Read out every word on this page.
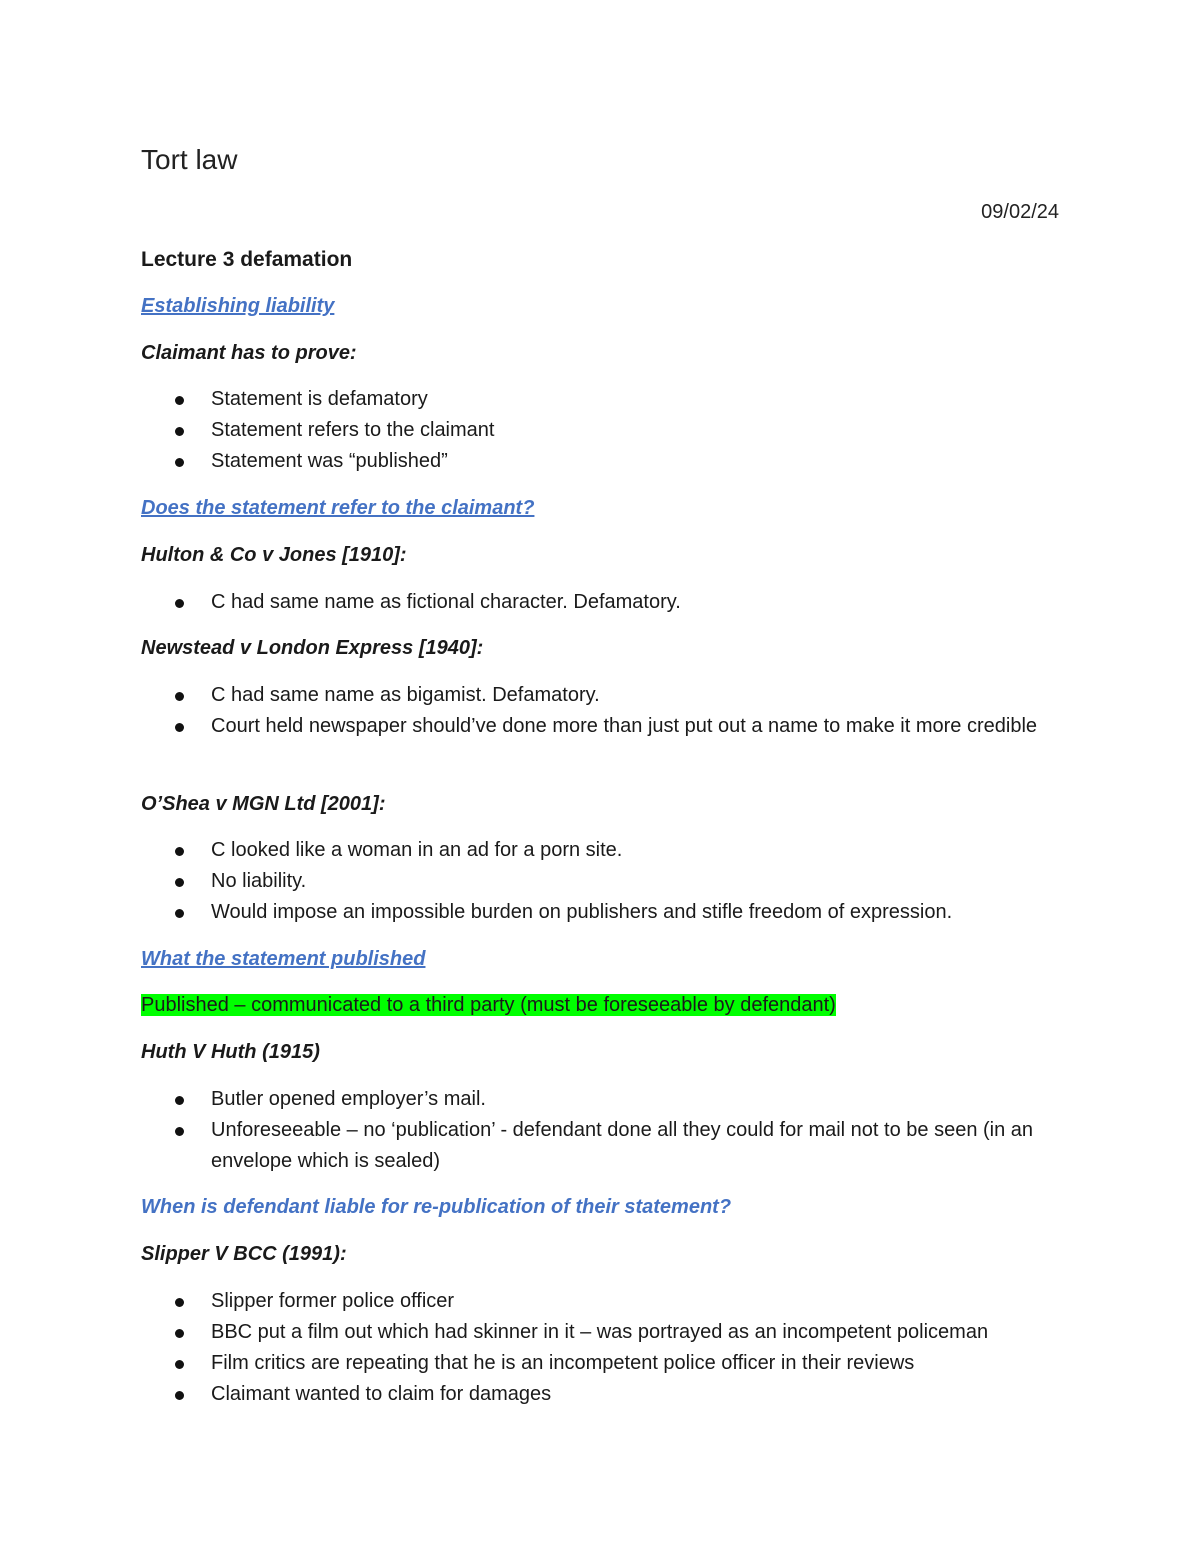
Tort law
09/02/24
Lecture 3 defamation
Establishing liability
Claimant has to prove:
Statement is defamatory
Statement refers to the claimant
Statement was “published”
Does the statement refer to the claimant?
Hulton & Co v Jones [1910]:
C had same name as fictional character. Defamatory.
Newstead v London Express [1940]:
C had same name as bigamist. Defamatory.
Court held newspaper should’ve done more than just put out a name to make it more credible
O’Shea v MGN Ltd [2001]:
C looked like a woman in an ad for a porn site.
No liability.
Would impose an impossible burden on publishers and stifle freedom of expression.
What the statement published
Published – communicated to a third party (must be foreseeable by defendant)
Huth V Huth (1915)
Butler opened employer’s mail.
Unforeseeable – no ‘publication’ - defendant done all they could for mail not to be seen (in an envelope which is sealed)
When is defendant liable for re-publication of their statement?
Slipper V BCC (1991):
Slipper former police officer
BBC put a film out which had skinner in it – was portrayed as an incompetent policeman
Film critics are repeating that he is an incompetent police officer in their reviews
Claimant wanted to claim for damages
